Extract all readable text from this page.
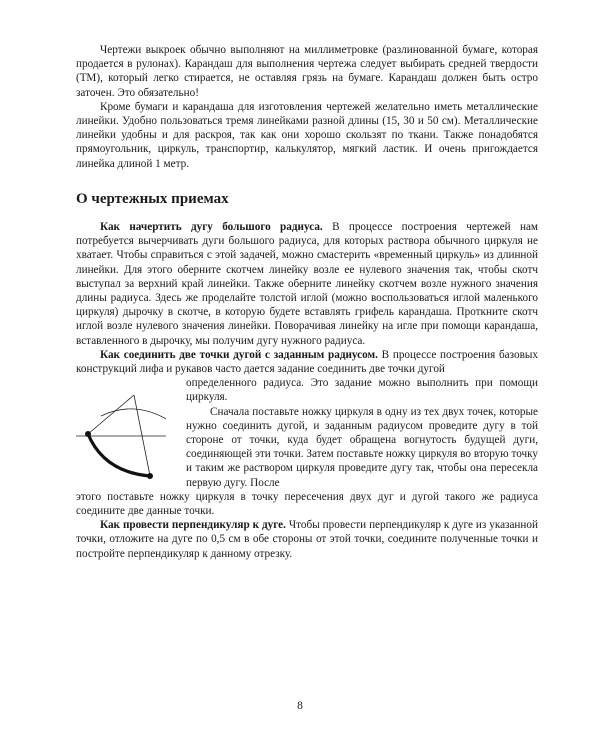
Чертежи выкроек обычно выполняют на миллиметровке (разлинованной бумаге, которая продается в рулонах). Карандаш для выполнения чертежа следует выбирать средней твердости (ТМ), который легко стирается, не оставляя грязь на бумаге. Карандаш должен быть остро заточен. Это обязательно!

Кроме бумаги и карандаша для изготовления чертежей желательно иметь металлические линейки. Удобно пользоваться тремя линейками разной длины (15, 30 и 50 см). Металлические линейки удобны и для раскроя, так как они хорошо скользят по ткани. Также понадобятся прямоугольник, циркуль, транспортир, калькулятор, мягкий ластик. И очень пригождается линейка длиной 1 метр.

О чертежных приемах

Как начертить дугу большого радиуса. В процессе построения чертежей нам потребуется вычерчивать дуги большого радиуса, для которых раствора обычного циркуля не хватает. Чтобы справиться с этой задачей, можно смастерить «временный циркуль» из длинной линейки. Для этого оберните скотчем линейку возле ее нулевого значения так, чтобы скотч выступал за верхний край линейки. Также оберните линейку скотчем возле нужного значения длины радиуса. Здесь же проделайте толстой иглой (можно воспользоваться иглой маленького циркуля) дырочку в скотче, в которую будете вставлять грифель карандаша. Проткните скотч иглой возле нулевого значения линейки. Поворачивая линейку на игле при помощи карандаша, вставленного в дырочку, мы получим дугу нужного радиуса.

Как соединить две точки дугой с заданным радиусом. В процессе построения базовых конструкций лифа и рукавов часто дается задание соединить две точки дугой

определенного радиуса. Это задание можно выполнить при помощи циркуля.

Сначала поставьте ножку циркуля в одну из тех двух точек, которые нужно соединить дугой, и заданным радиусом проведите дугу в той стороне от точки, куда будет обращена вогнутость будущей дуги, соединяющей эти точки. Затем поставьте ножку циркуля во вторую точку и таким же раствором циркуля проведите дугу так, чтобы она пересекла первую дугу. После

этого поставьте ножку циркуля в точку пересечения двух дуг и дугой такого же радиуса соедините две данные точки.

Как провести перпендикуляр к дуге. Чтобы провести перпендикуляр к дуге из указанной точки, отложите на дуге по 0,5 см в обе стороны от этой точки, соедините полученные точки и постройте перпендикуляр к данному отрезку.

8
